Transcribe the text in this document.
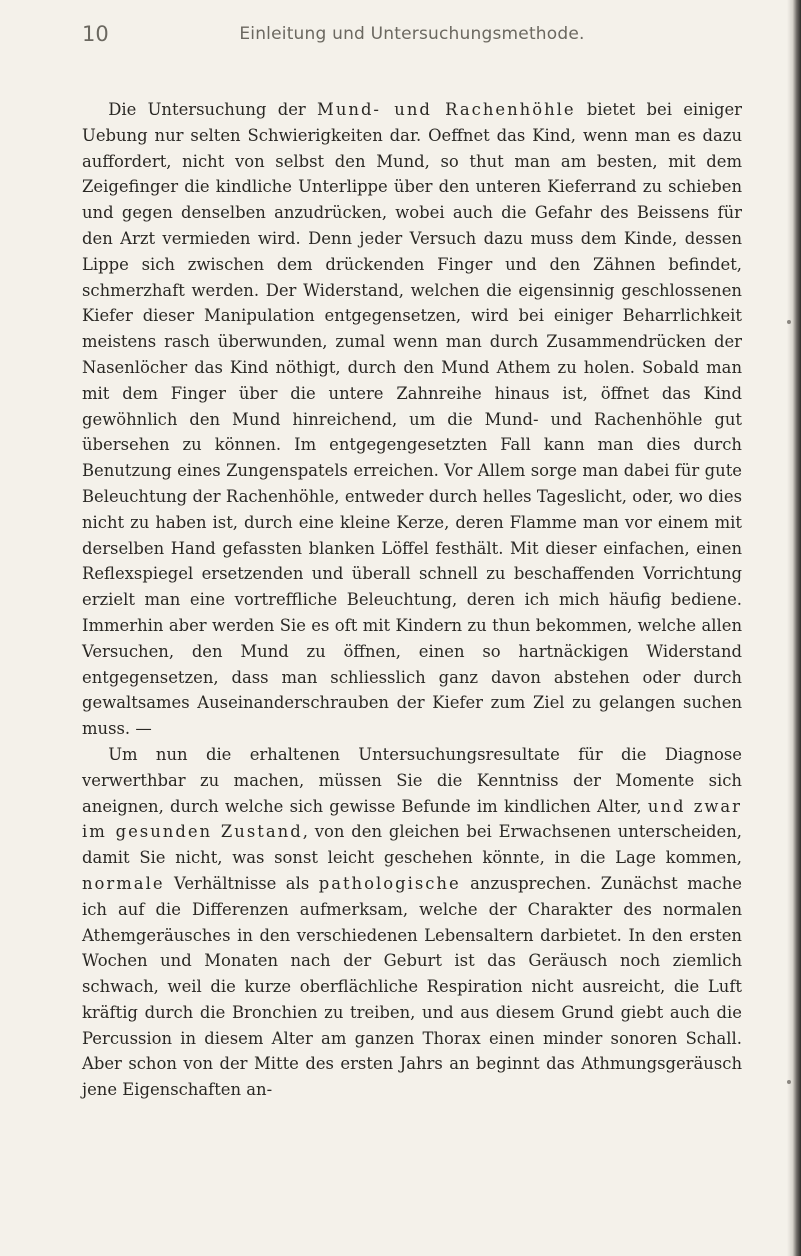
10	Einleitung und Untersuchungsmethode.

Die Untersuchung der Mund- und Rachenhöhle bietet bei einiger Uebung nur selten Schwierigkeiten dar. Oeffnet das Kind, wenn man es dazu auffordert, nicht von selbst den Mund, so thut man am besten, mit dem Zeigefinger die kindliche Unterlippe über den unteren Kieferrand zu schieben und gegen denselben anzudrücken, wobei auch die Gefahr des Beissens für den Arzt vermieden wird. Denn jeder Versuch dazu muss dem Kinde, dessen Lippe sich zwischen dem drückenden Finger und den Zähnen befindet, schmerzhaft werden. Der Widerstand, welchen die eigensinnig geschlossenen Kiefer dieser Manipulation entgegensetzen, wird bei einiger Beharrlichkeit meistens rasch überwunden, zumal wenn man durch Zusammendrücken der Nasenlöcher das Kind nöthigt, durch den Mund Athem zu holen. Sobald man mit dem Finger über die untere Zahnreihe hinaus ist, öffnet das Kind gewöhnlich den Mund hinreichend, um die Mund- und Rachenhöhle gut übersehen zu können. Im entgegengesetzten Fall kann man dies durch Benutzung eines Zungenspatels erreichen. Vor Allem sorge man dabei für gute Beleuchtung der Rachenhöhle, entweder durch helles Tageslicht, oder, wo dies nicht zu haben ist, durch eine kleine Kerze, deren Flamme man vor einem mit derselben Hand gefassten blanken Löffel festhält. Mit dieser einfachen, einen Reflexspiegel ersetzenden und überall schnell zu beschaffenden Vorrichtung erzielt man eine vortreffliche Beleuchtung, deren ich mich häufig bediene. Immerhin aber werden Sie es oft mit Kindern zu thun bekommen, welche allen Versuchen, den Mund zu öffnen, einen so hartnäckigen Widerstand entgegensetzen, dass man schliesslich ganz davon abstehen oder durch gewaltsames Auseinanderschrauben der Kiefer zum Ziel zu gelangen suchen muss. —

Um nun die erhaltenen Untersuchungsresultate für die Diagnose verwerthbar zu machen, müssen Sie die Kenntniss der Momente sich aneignen, durch welche sich gewisse Befunde im kindlichen Alter, und zwar im gesunden Zustand, von den gleichen bei Erwachsenen unterscheiden, damit Sie nicht, was sonst leicht geschehen könnte, in die Lage kommen, normale Verhältnisse als pathologische anzusprechen. Zunächst mache ich auf die Differenzen aufmerksam, welche der Charakter des normalen Athemgeräusches in den verschiedenen Lebensaltern darbietet. In den ersten Wochen und Monaten nach der Geburt ist das Geräusch noch ziemlich schwach, weil die kurze oberflächliche Respiration nicht ausreicht, die Luft kräftig durch die Bronchien zu treiben, und aus diesem Grund giebt auch die Percussion in diesem Alter am ganzen Thorax einen minder sonoren Schall. Aber schon von der Mitte des ersten Jahrs an beginnt das Athmungsgeräusch jene Eigenschaften an-
